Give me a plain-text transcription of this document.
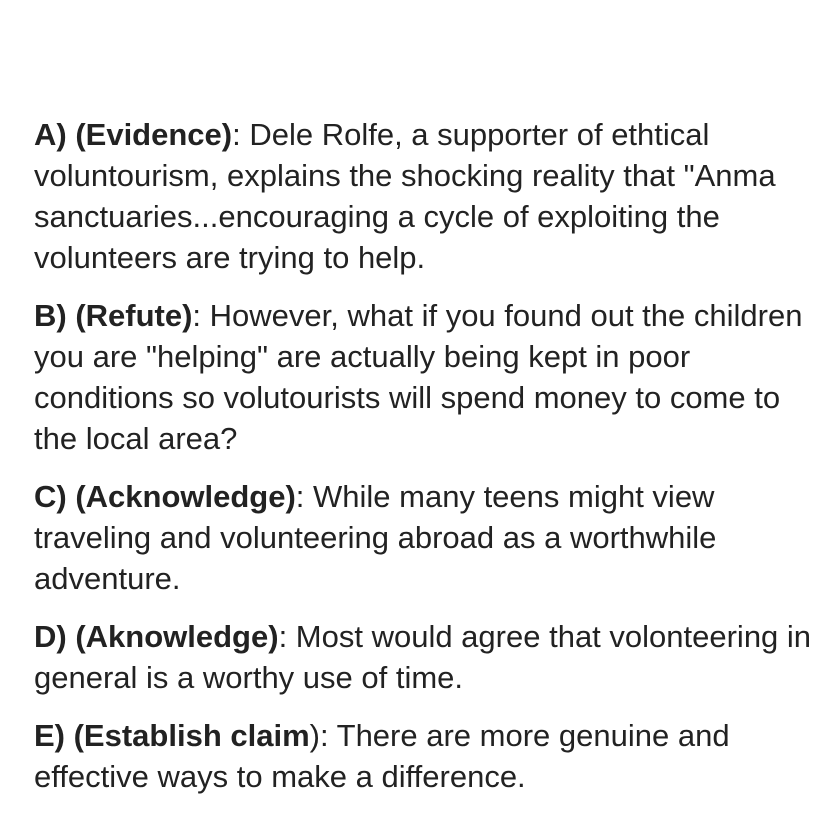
A) (Evidence): Dele Rolfe, a supporter of ethtical voluntourism, explains the shocking reality that "Anma sanctuaries...encouraging a cycle of exploiting the volunteers are trying to help.

B) (Refute): However, what if you found out the children you are "helping" are actually being kept in poor conditions so volutourists will spend money to come to the local area?

C) (Acknowledge): While many teens might view traveling and volunteering abroad as a worthwhile adventure.

D) (Aknowledge): Most would agree that volonteering in general is a worthy use of time.

E) (Establish claim): There are more genuine and effective ways to make a difference.
